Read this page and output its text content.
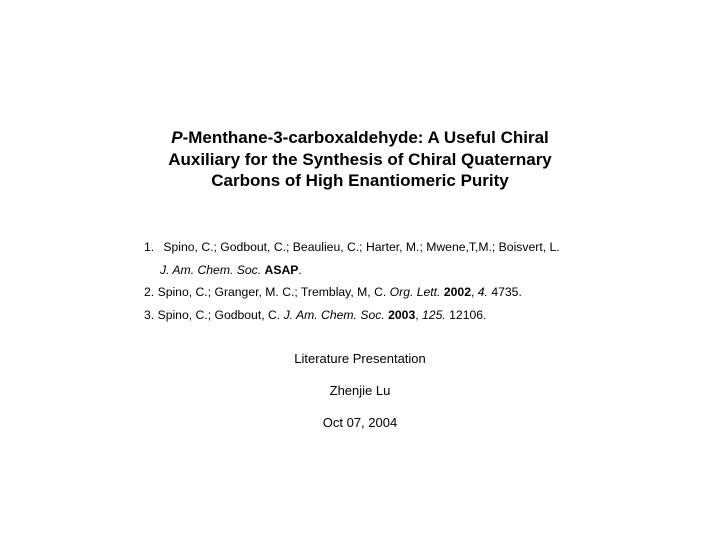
P-Menthane-3-carboxaldehyde: A Useful Chiral
Auxiliary for the Synthesis of Chiral Quaternary
Carbons of High Enantiomeric Purity
1. Spino, C.; Godbout, C.; Beaulieu, C.; Harter, M.; Mwene,T,M.; Boisvert, L.
J. Am. Chem. Soc. ASAP.
2. Spino, C.; Granger, M. C.; Tremblay, M, C. Org. Lett. 2002, 4. 4735.
3. Spino, C.; Godbout, C. J. Am. Chem. Soc. 2003, 125. 12106.
Literature Presentation
Zhenjie Lu
Oct 07, 2004
